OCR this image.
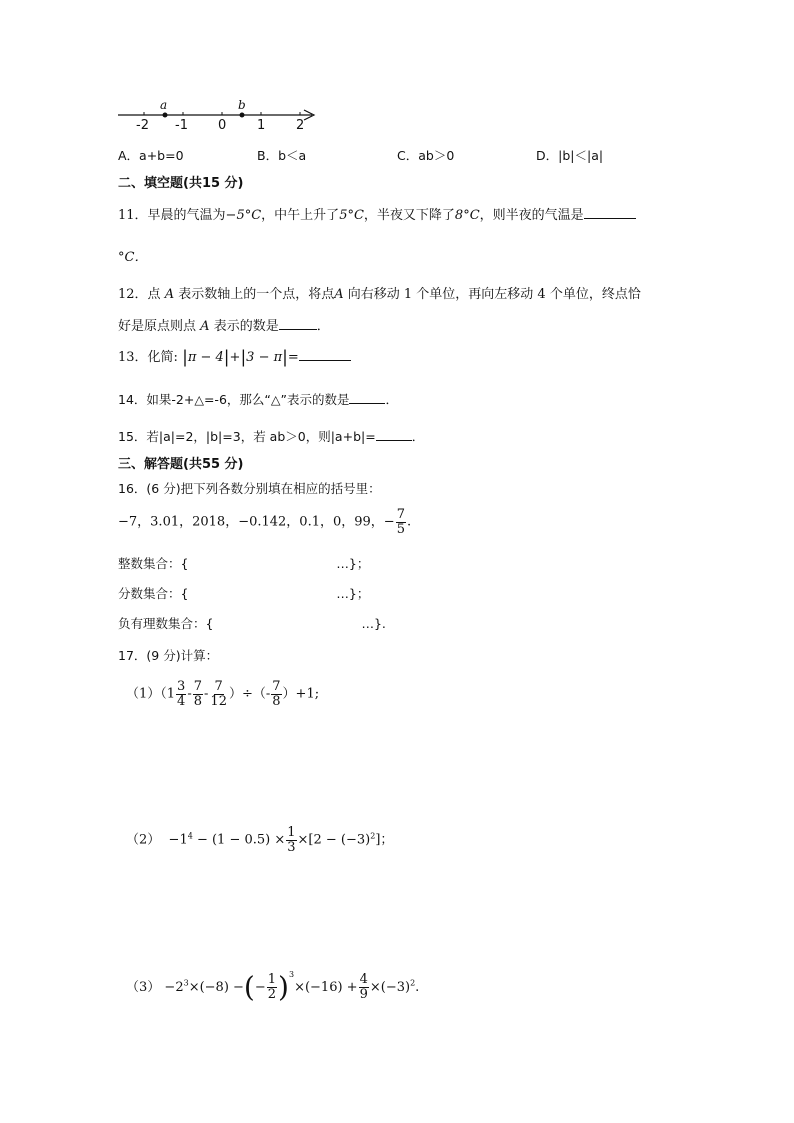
a	b
-2 -1 0 1 2
A．a+b=0	B．b＜a	C．ab＞0	D．|b|＜|a|
二、填空题(共15 分)
11．早晨的气温为−5°C，中午上升了5°C，半夜又下降了8°C，则半夜的气温是
°C．
12．点 A 表示数轴上的一个点，将点A 向右移动 1 个单位，再向左移动 4 个单位，终点恰
好是原点则点 A 表示的数是	．
13．化简: |π − 4|+|3 − π|=
14．如果-2+△=-6，那么“△”表示的数是	．
15．若|a|=2，|b|=3，若 ab＞0，则|a+b|=	．
三、解答题(共55 分)
16．(6 分)把下列各数分别填在相应的括号里：
−7，3.01，2018，−0.142，0.1，0，99，− $\frac{7}{5}$ .
整数集合：{	…}；
分数集合：{	…}；
负有理数集合：{	…}.
17．(9 分)计算：
$(1)(1 \frac{3}{4} - \frac{7}{8} - \frac{7}{12}$ ）÷（- $\frac{7}{8} )+1$;
$(2) -1^4 - (1 - 0.5) \times \frac{1}{3} \times[2 - (-3)^2]$；
$(3) -2^3\times(-8)$ −(− $\frac{1}{2} )^3\times(-16) + \frac{4}{9} \times(-3)^2$.
